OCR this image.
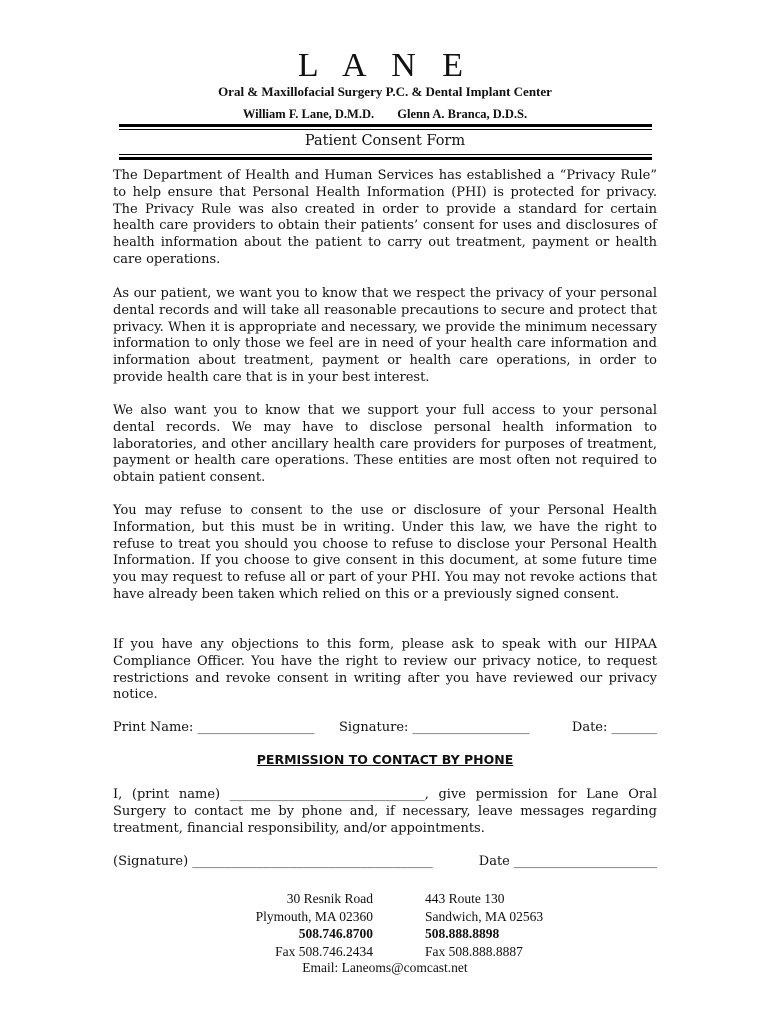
L A N E
Oral & Maxillofacial Surgery P.C. & Dental Implant Center
William F. Lane, D.M.D. Glenn A. Branca, D.D.S.
Patient Consent Form

The Department of Health and Human Services has established a “Privacy Rule” to help ensure that Personal Health Information (PHI) is protected for privacy. The Privacy Rule was also created in order to provide a standard for certain health care providers to obtain their patients’ consent for uses and disclosures of health information about the patient to carry out treatment, payment or health care operations.

As our patient, we want you to know that we respect the privacy of your personal dental records and will take all reasonable precautions to secure and protect that privacy. When it is appropriate and necessary, we provide the minimum necessary information to only those we feel are in need of your health care information and information about treatment, payment or health care operations, in order to provide health care that is in your best interest.

We also want you to know that we support your full access to your personal dental records. We may have to disclose personal health information to laboratories, and other ancillary health care providers for purposes of treatment, payment or health care operations. These entities are most often not required to obtain patient consent.

You may refuse to consent to the use or disclosure of your Personal Health Information, but this must be in writing. Under this law, we have the right to refuse to treat you should you choose to refuse to disclose your Personal Health Information. If you choose to give consent in this document, at some future time you may request to refuse all or part of your PHI. You may not revoke actions that have already been taken which relied on this or a previously signed consent.

If you have any objections to this form, please ask to speak with our HIPAA Compliance Officer. You have the right to review our privacy notice, to request restrictions and revoke consent in writing after you have reviewed our privacy notice.

Print Name: __________________ Signature: __________________	Date: _______
PERMISSION TO CONTACT BY PHONE

I, (print name) ______________________________, give permission for Lane Oral Surgery to contact me by phone and, if necessary, leave messages regarding treatment, financial responsibility, and/or appointments.

(Signature) _____________________________________	Date ______________________
30 Resnik Road
Plymouth, MA 02360
508.746.8700
Fax 508.746.2434
443 Route 130
Sandwich, MA 02563
508.888.8898
Fax 508.888.8887
Email: Laneoms@comcast.net
